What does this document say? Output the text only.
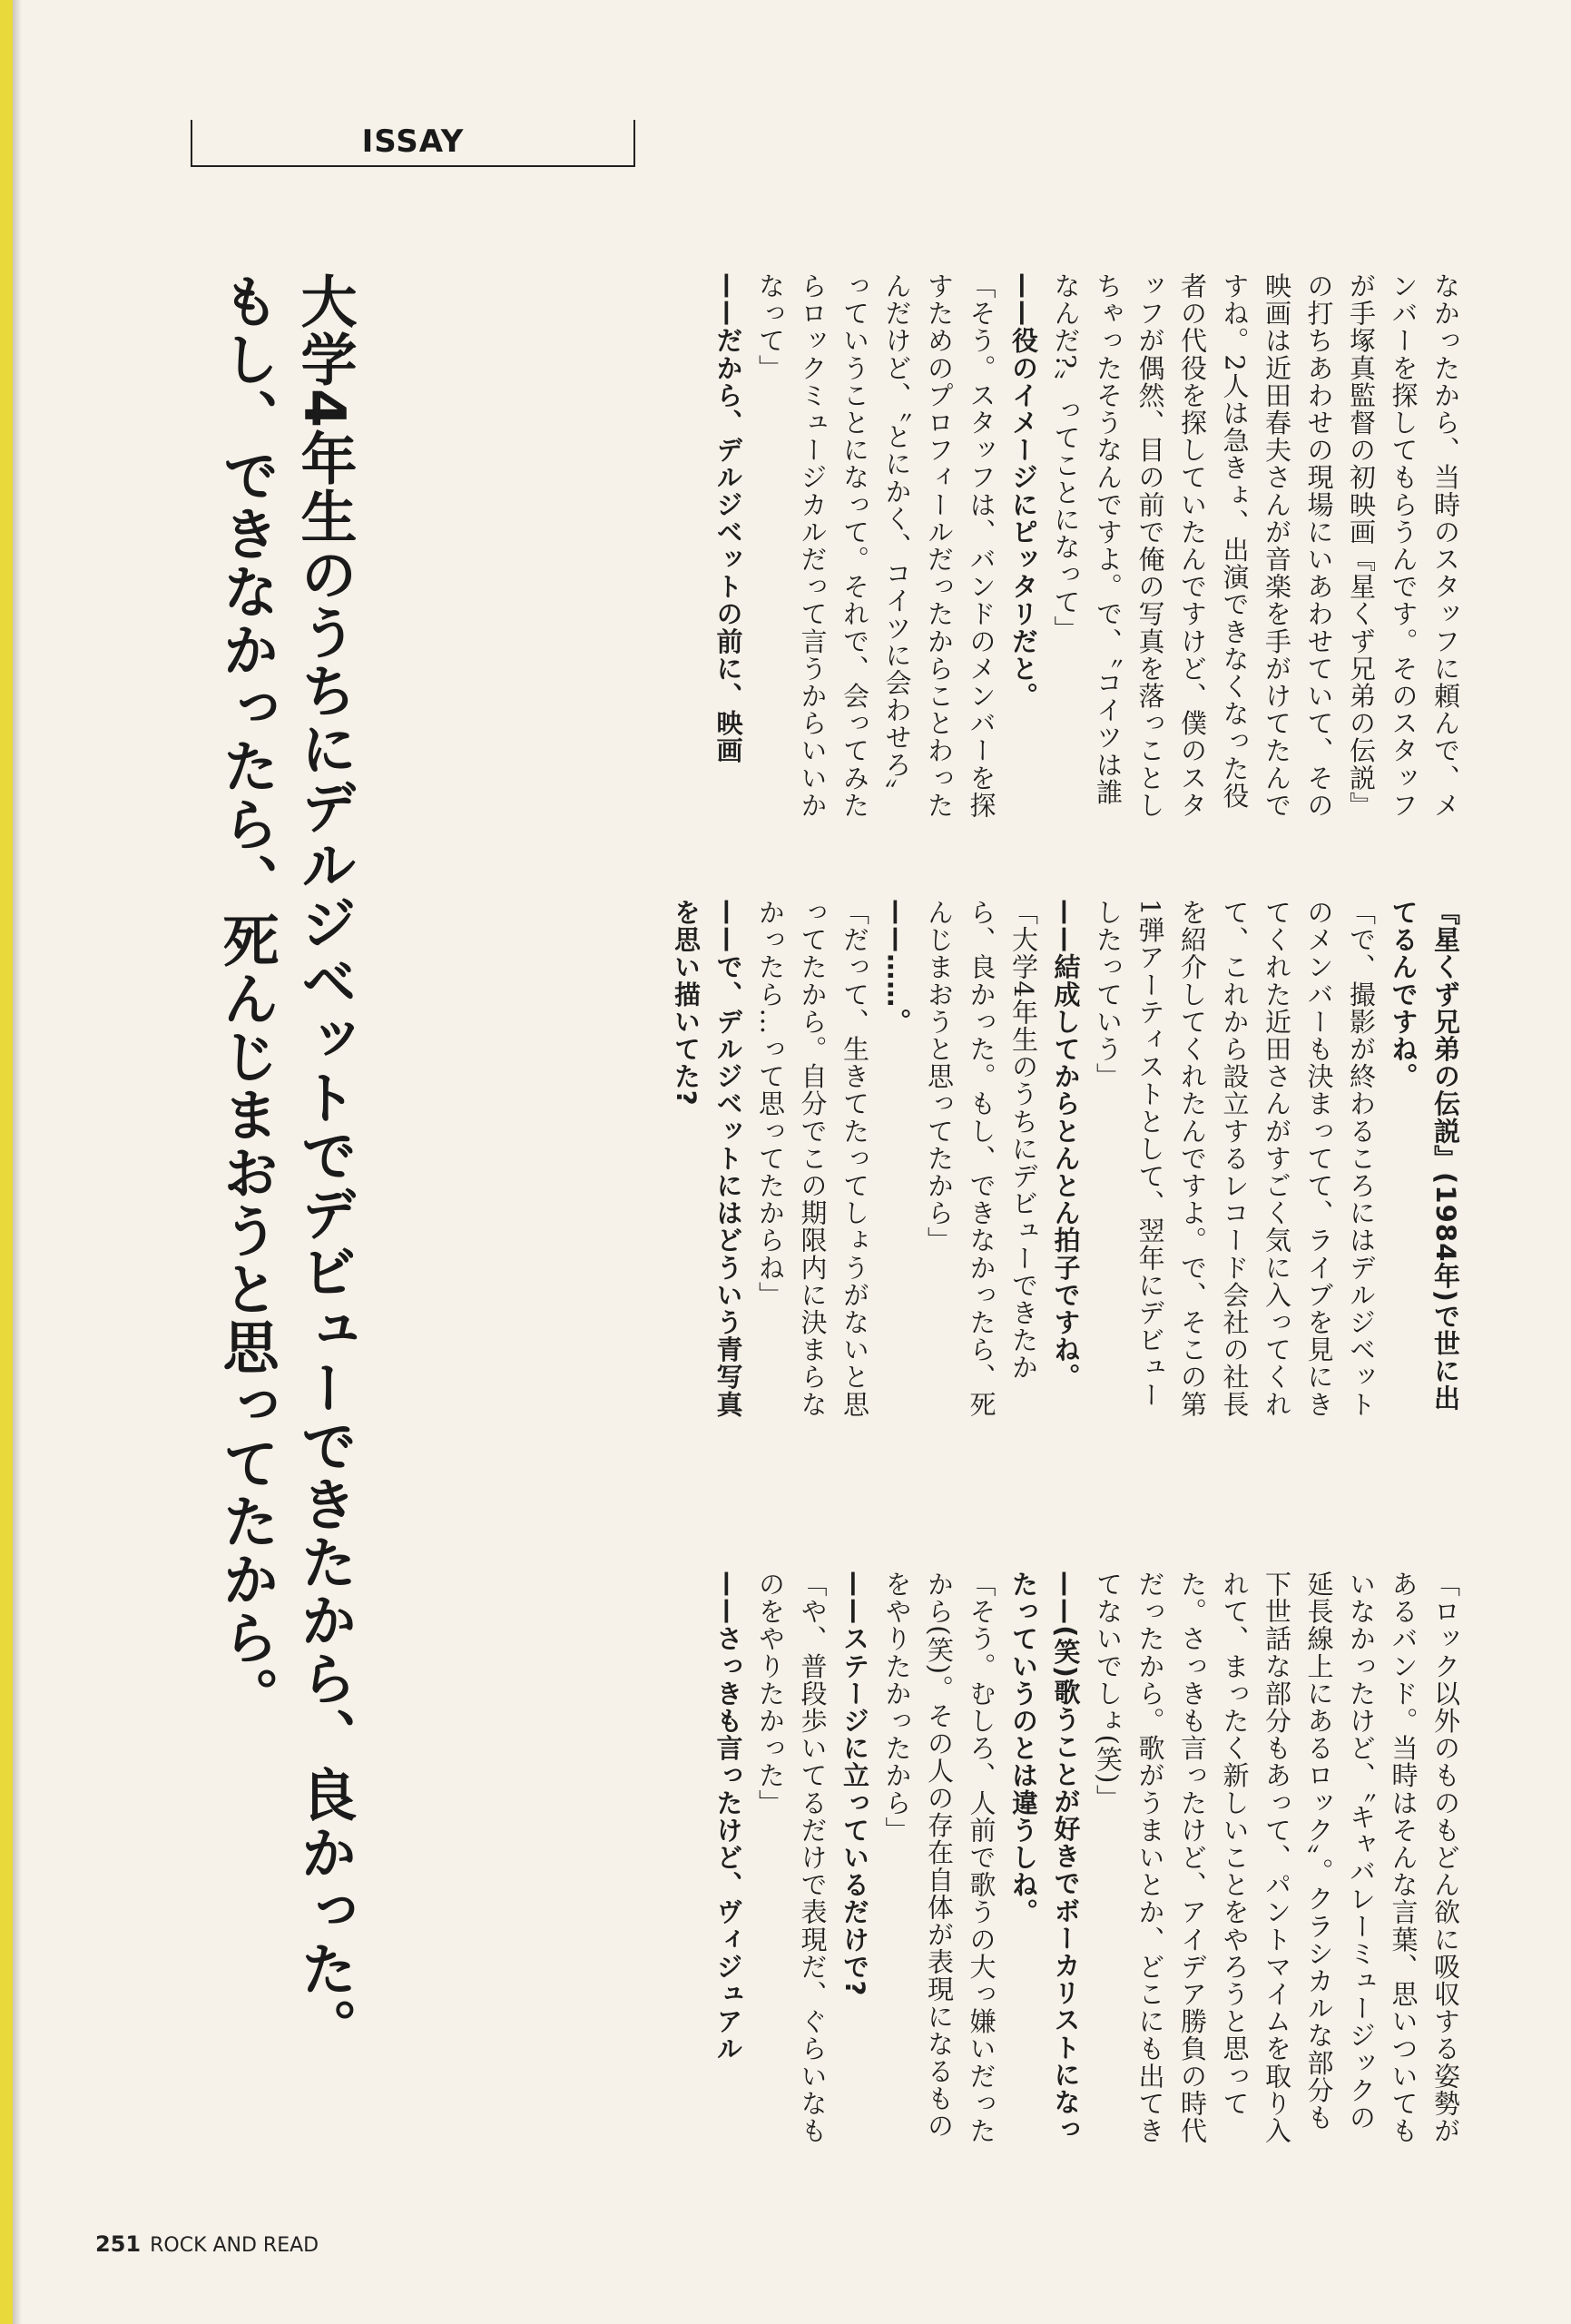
ISSAY
大学4年生のうちにデルジベットでデビューできたから、良かった。
もし、できなかったら、死んじまおうと思ってたから。	なかったから、当時のスタッフに頼んで、メンバーを探してもらうんです。そのスタッフが手塚真監督の初映画『星くず兄弟の伝説』の打ちあわせの現場にいあわせていて、その映画は近田春夫さんが音楽を手がけてたんですね。2人は急きょ、出演できなくなった役者の代役を探していたんですけど、僕のスタッフが偶然、目の前で俺の写真を落っことしちゃったそうなんですよ。で、〝コイツは誰なんだ?〟ってことになって」

——役のイメージにピッタリだと。

「そう。スタッフは、バンドのメンバーを探すためのプロフィールだったからことわったんだけど、〝とにかく、コイツに会わせろ〟っていうことになって。それで、会ってみたらロックミュージカルだって言うからいいかなって」

——だから、デルジベットの前に、映画

『星くず兄弟の伝説』(1984年)で世に出てるんですね。

「で、撮影が終わるころにはデルジベットのメンバーも決まってて、ライブを見にきてくれた近田さんがすごく気に入ってくれて、これから設立するレコード会社の社長を紹介してくれたんですよ。で、そこの第1弾アーティストとして、翌年にデビューしたっていう」

——結成してからとんとん拍子ですね。

「大学4年生のうちにデビューできたから、良かった。もし、できなかったら、死んじまおうと思ってたから」

——……。

「だって、生きてたってしょうがないと思ってたから。自分でこの期限内に決まらなかったら…って思ってたからね」

——で、デルジベットにはどういう青写真を思い描いてた?

「ロック以外のものもどん欲に吸収する姿勢があるバンド。当時はそんな言葉、思いついてもいなかったけど、〝キャバレーミュージックの延長線上にあるロック〟。クラシカルな部分も下世話な部分もあって、パントマイムを取り入れて、まったく新しいことをやろうと思ってた。さっきも言ったけど、アイデア勝負の時代だったから。歌がうまいとか、どこにも出てきてないでしょ(笑)」

——(笑)歌うことが好きでボーカリストになったっていうのとは違うしね。

「そう。むしろ、人前で歌うの大っ嫌いだったから(笑)。その人の存在自体が表現になるものをやりたかったから」

——ステージに立っているだけで?

「や、普段歩いてるだけで表現だ、ぐらいなものをやりたかった」

——さっきも言ったけど、ヴィジュアル

251 ROCK AND READ
